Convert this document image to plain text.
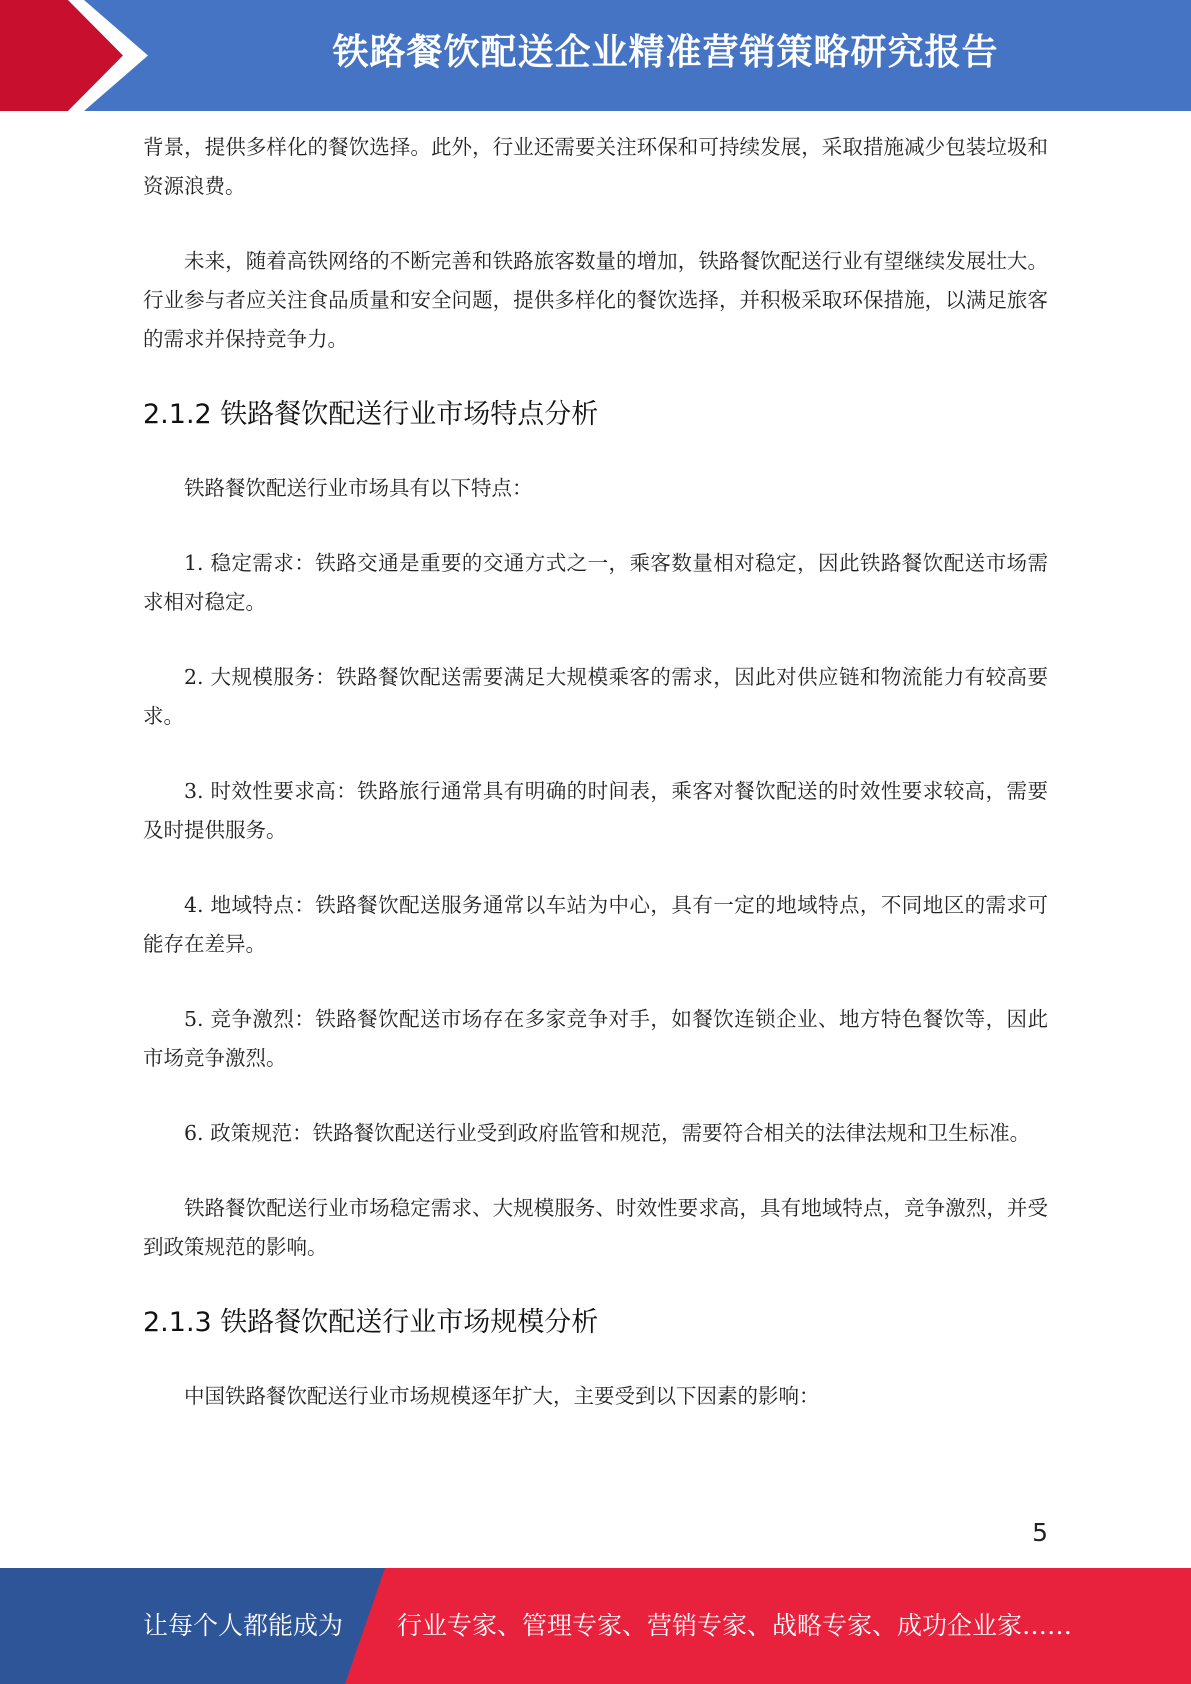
铁路餐饮配送企业精准营销策略研究报告

背景，提供多样化的餐饮选择。此外，行业还需要关注环保和可持续发展，采取措施减少包装垃圾和资源浪费。

未来，随着高铁网络的不断完善和铁路旅客数量的增加，铁路餐饮配送行业有望继续发展壮大。行业参与者应关注食品质量和安全问题，提供多样化的餐饮选择，并积极采取环保措施，以满足旅客的需求并保持竞争力。

2.1.2 铁路餐饮配送行业市场特点分析

铁路餐饮配送行业市场具有以下特点：

1. 稳定需求：铁路交通是重要的交通方式之一，乘客数量相对稳定，因此铁路餐饮配送市场需求相对稳定。

2. 大规模服务：铁路餐饮配送需要满足大规模乘客的需求，因此对供应链和物流能力有较高要求。

3. 时效性要求高：铁路旅行通常具有明确的时间表，乘客对餐饮配送的时效性要求较高，需要及时提供服务。

4. 地域特点：铁路餐饮配送服务通常以车站为中心，具有一定的地域特点，不同地区的需求可能存在差异。

5. 竞争激烈：铁路餐饮配送市场存在多家竞争对手，如餐饮连锁企业、地方特色餐饮等，因此市场竞争激烈。

6. 政策规范：铁路餐饮配送行业受到政府监管和规范，需要符合相关的法律法规和卫生标准。

铁路餐饮配送行业市场稳定需求、大规模服务、时效性要求高，具有地域特点，竞争激烈，并受到政策规范的影响。

2.1.3 铁路餐饮配送行业市场规模分析

中国铁路餐饮配送行业市场规模逐年扩大，主要受到以下因素的影响：

5
让每个人都能成为 行业专家、管理专家、营销专家、战略专家、成功企业家……
